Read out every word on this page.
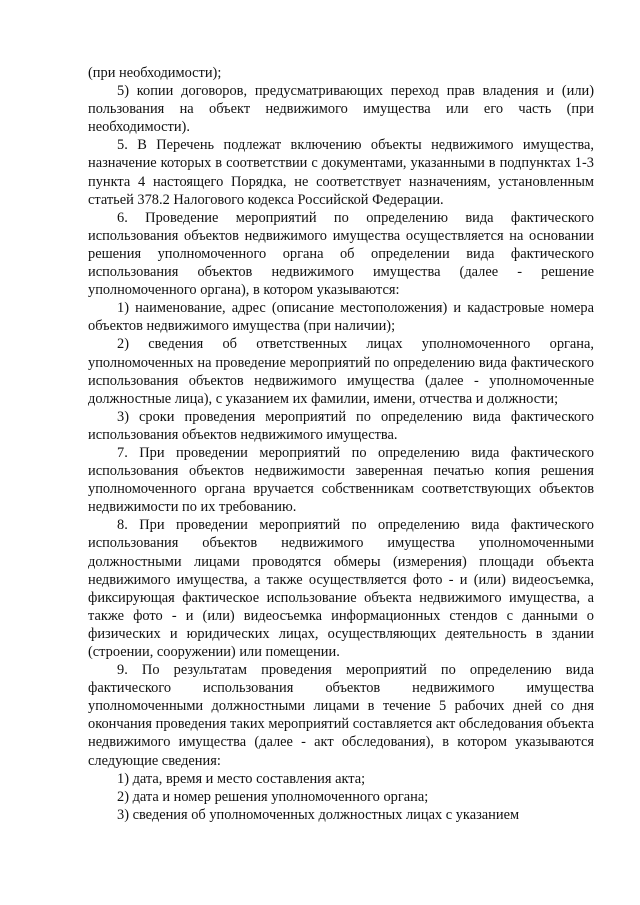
(при необходимости);

5) копии договоров, предусматривающих переход прав владения и (или) пользования на объект недвижимого имущества или его часть (при необходимости).

5. В Перечень подлежат включению объекты недвижимого имущества, назначение которых в соответствии с документами, указанными в подпунктах 1-3 пункта 4 настоящего Порядка, не соответствует назначениям, установленным статьей 378.2 Налогового кодекса Российской Федерации.

6. Проведение мероприятий по определению вида фактического использования объектов недвижимого имущества осуществляется на основании решения уполномоченного органа об определении вида фактического использования объектов недвижимого имущества (далее - решение уполномоченного органа), в котором указываются:

1) наименование, адрес (описание местоположения) и кадастровые номера объектов недвижимого имущества (при наличии);

2) сведения об ответственных лицах уполномоченного органа, уполномоченных на проведение мероприятий по определению вида фактического использования объектов недвижимого имущества (далее - уполномоченные должностные лица), с указанием их фамилии, имени, отчества и должности;

3) сроки проведения мероприятий по определению вида фактического использования объектов недвижимого имущества.

7. При проведении мероприятий по определению вида фактического использования объектов недвижимости заверенная печатью копия решения уполномоченного органа вручается собственникам соответствующих объектов недвижимости по их требованию.

8. При проведении мероприятий по определению вида фактического использования объектов недвижимого имущества уполномоченными должностными лицами проводятся обмеры (измерения) площади объекта недвижимого имущества, а также осуществляется фото - и (или) видеосъемка, фиксирующая фактическое использование объекта недвижимого имущества, а также фото - и (или) видеосъемка информационных стендов с данными о физических и юридических лицах, осуществляющих деятельность в здании (строении, сооружении) или помещении.

9. По результатам проведения мероприятий по определению вида фактического использования объектов недвижимого имущества уполномоченными должностными лицами в течение 5 рабочих дней со дня окончания проведения таких мероприятий составляется акт обследования объекта недвижимого имущества (далее - акт обследования), в котором указываются следующие сведения:

1) дата, время и место составления акта;

2) дата и номер решения уполномоченного органа;

3) сведения об уполномоченных должностных лицах с указанием
